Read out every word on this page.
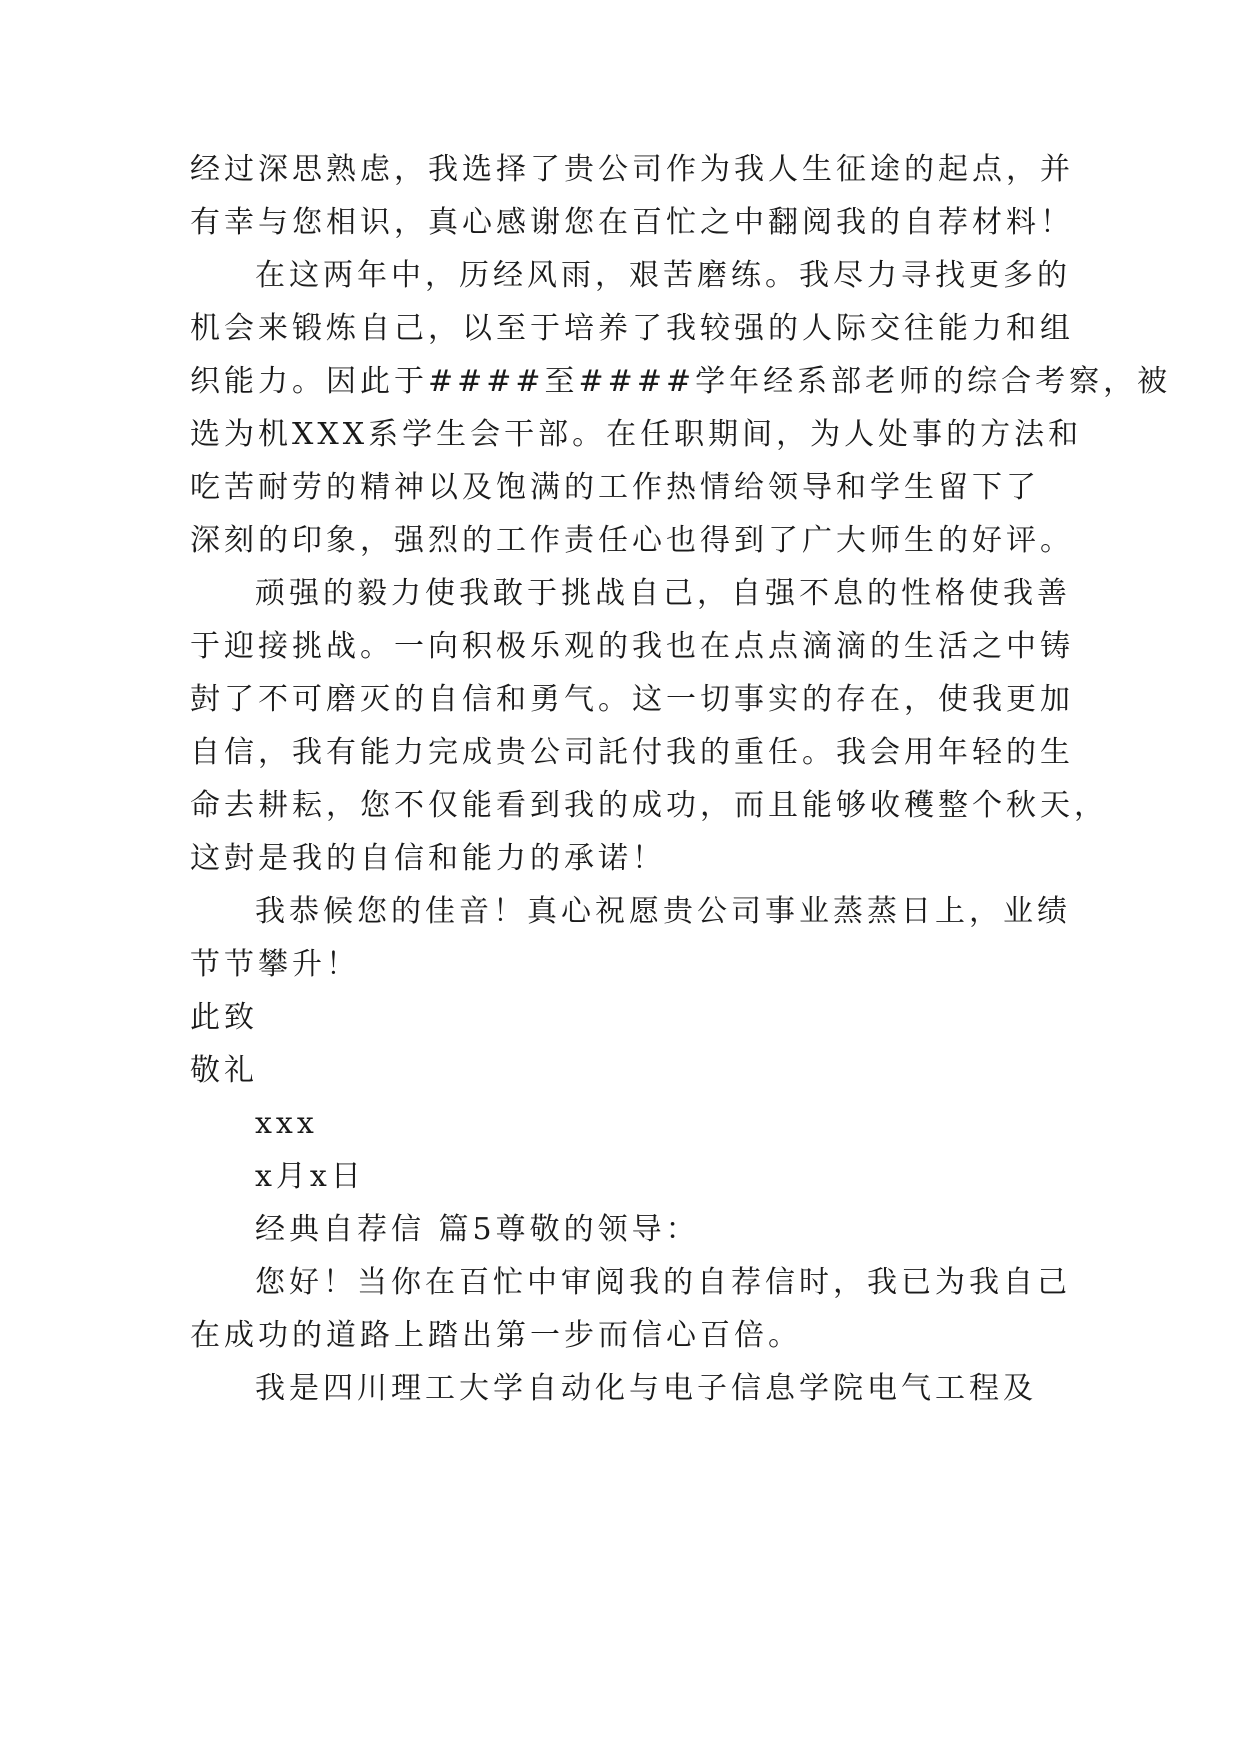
经过深思熟虑，我选择了贵公司作为我人生征途的起点，并
有幸与您相识，真心感谢您在百忙之中翻阅我的自荐材料！
在这两年中，历经风雨，艰苦磨练。我尽力寻找更多的
机会来锻炼自己，以至于培养了我较强的人际交往能力和组
织能力。因此于####至####学年经系部老师的综合考察，被
选为机XXX系学生会干部。在任职期间，为人处事的方法和
吃苦耐劳的精神以及饱满的工作热情给领导和学生留下了
深刻的印象，强烈的工作责任心也得到了广大师生的好评。
顽强的毅力使我敢于挑战自己，自强不息的性格使我善
于迎接挑战。一向积极乐观的我也在点点滴滴的生活之中铸
尌了不可磨灭的自信和勇气。这一切事实的存在，使我更加
自信，我有能力完成贵公司託付我的重任。我会用年轻的生
命去耕耘，您不仅能看到我的成功，而且能够收穫整个秋天，
这尌是我的自信和能力的承诺！
我恭候您的佳音！真心祝愿贵公司事业蒸蒸日上，业绩
节节攀升！
此致
敬礼
xxx
x月x日
经典自荐信 篇5尊敬的领导：
您好！当你在百忙中审阅我的自荐信时，我已为我自己
在成功的道路上踏出第一步而信心百倍。
我是四川理工大学自动化与电子信息学院电气工程及
